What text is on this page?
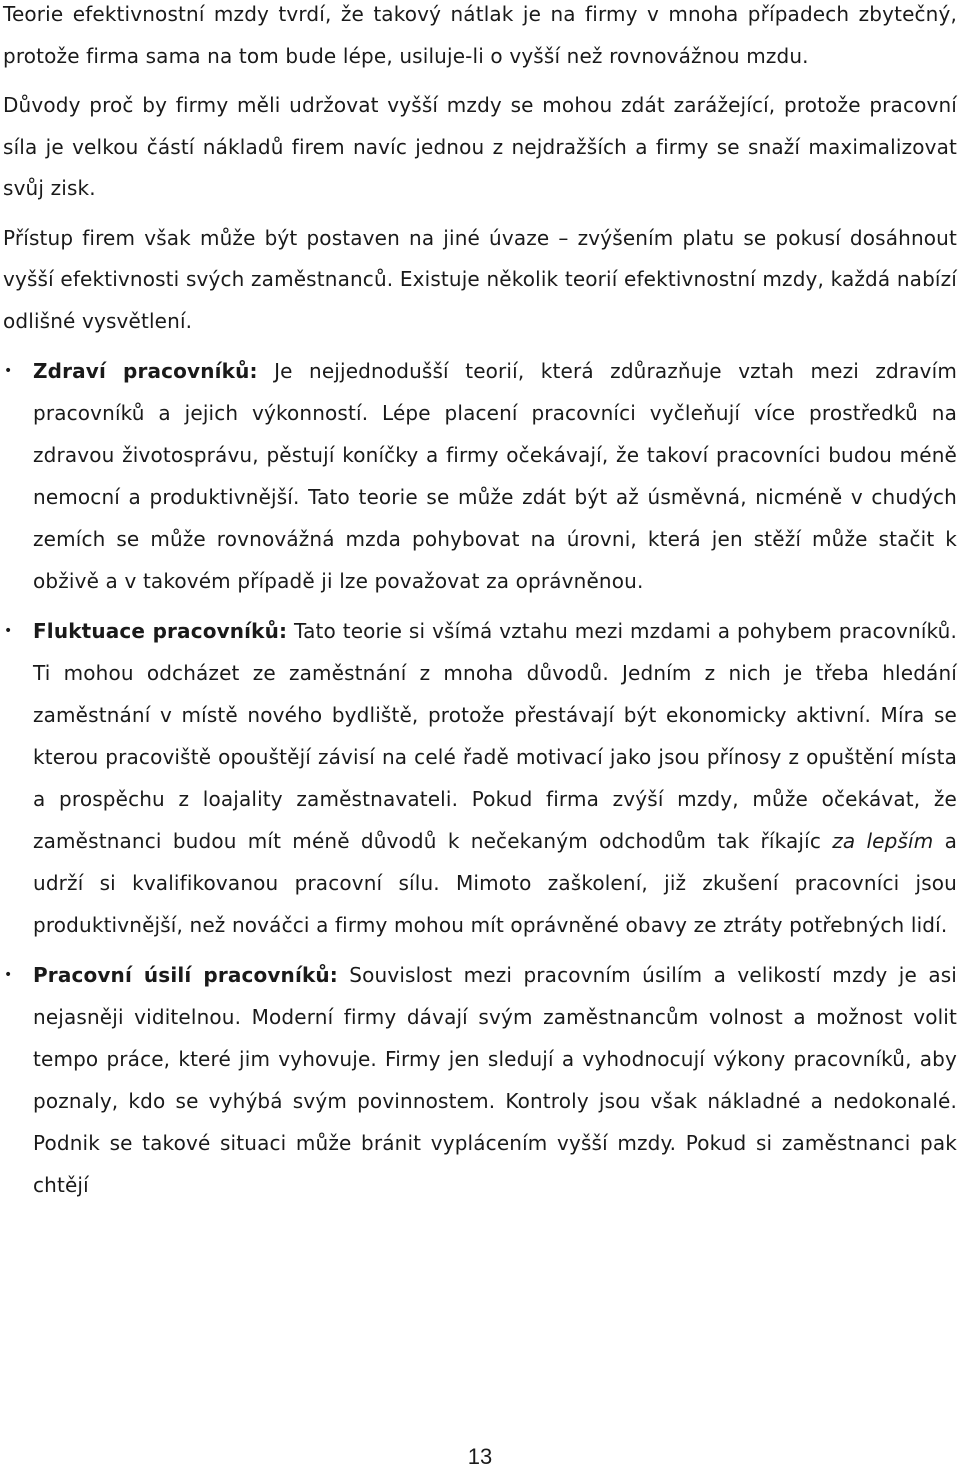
Teorie efektivnostní mzdy tvrdí, že takový nátlak je na firmy v mnoha případech zbytečný, protože firma sama na tom bude lépe, usiluje-li o vyšší než rovnovážnou mzdu.

Důvody proč by firmy měli udržovat vyšší mzdy se mohou zdát zarážející, protože pracovní síla je velkou částí nákladů firem navíc jednou z nejdražších a firmy se snaží maximalizovat svůj zisk.

Přístup firem však může být postaven na jiné úvaze – zvýšením platu se pokusí dosáhnout vyšší efektivnosti svých zaměstnanců. Existuje několik teorií efektivnostní mzdy, každá nabízí odlišné vysvětlení.

• Zdraví pracovníků: Je nejjednodušší teorií, která zdůrazňuje vztah mezi zdravím pracovníků a jejich výkonností. Lépe placení pracovníci vyčleňují více prostředků na zdravou životosprávu, pěstují koníčky a firmy očekávají, že takoví pracovníci budou méně nemocní a produktivnější. Tato teorie se může zdát být až úsměvná, nicméně v chudých zemích se může rovnovážná mzda pohybovat na úrovni, která jen stěží může stačit k obživě a v takovém případě ji lze považovat za oprávněnou.
• Fluktuace pracovníků: Tato teorie si všímá vztahu mezi mzdami a pohybem pracovníků. Ti mohou odcházet ze zaměstnání z mnoha důvodů. Jedním z nich je třeba hledání zaměstnání v místě nového bydliště, protože přestávají být ekonomicky aktivní. Míra se kterou pracoviště opouštějí závisí na celé řadě motivací jako jsou přínosy z opuštění místa a prospěchu z loajality zaměstnavateli. Pokud firma zvýší mzdy, může očekávat, že zaměstnanci budou mít méně důvodů k nečekaným odchodům tak říkajíc za lepším a udrží si kvalifikovanou pracovní sílu. Mimoto zaškolení, již zkušení pracovníci jsou produktivnější, než nováčci a firmy mohou mít oprávněné obavy ze ztráty potřebných lidí.
• Pracovní úsilí pracovníků: Souvislost mezi pracovním úsilím a velikostí mzdy je asi nejasněji viditelnou. Moderní firmy dávají svým zaměstnancům volnost a možnost volit tempo práce, které jim vyhovuje. Firmy jen sledují a vyhodnocují výkony pracovníků, aby poznaly, kdo se vyhýbá svým povinnostem. Kontroly jsou však nákladné a nedokonalé. Podnik se takové situaci může bránit vyplácením vyšší mzdy. Pokud si zaměstnanci pak chtějí
13
